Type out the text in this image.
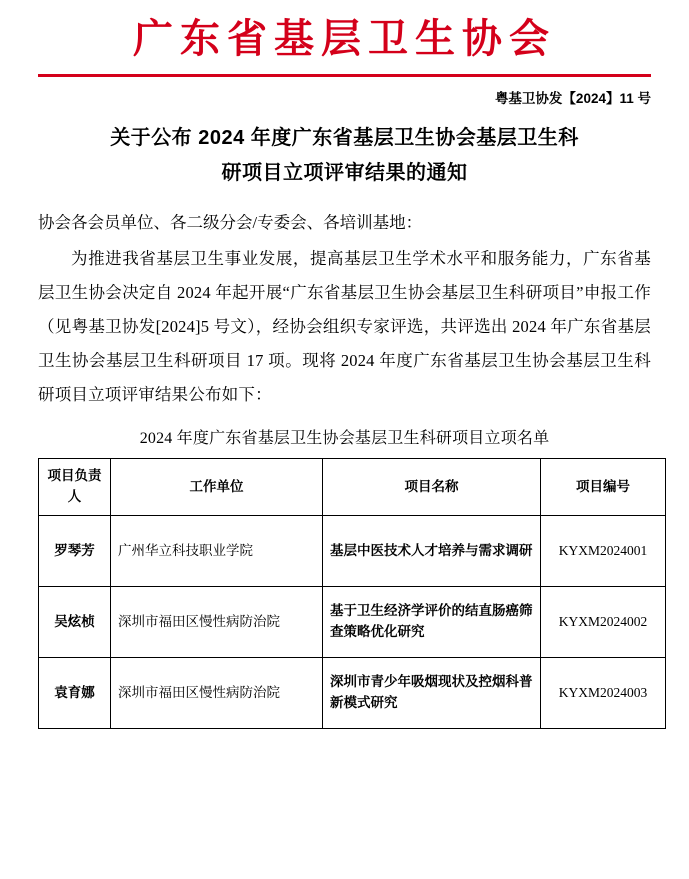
广东省基层卫生协会
粤基卫协发【2024】11 号
关于公布 2024 年度广东省基层卫生协会基层卫生科
研项目立项评审结果的通知
协会各会员单位、各二级分会/专委会、各培训基地：

为推进我省基层卫生事业发展，提高基层卫生学术水平和服务能力，广东省基层卫生协会决定自 2024 年起开展“广东省基层卫生协会基层卫生科研项目”申报工作（见粤基卫协发[2024]5 号文），经协会组织专家评选，共评选出 2024 年广东省基层卫生协会基层卫生科研项目 17 项。现将 2024 年度广东省基层卫生协会基层卫生科研项目立项评审结果公布如下：

2024 年度广东省基层卫生协会基层卫生科研项目立项名单
项目负责人	工作单位	项目名称	项目编号
罗琴芳	广州华立科技职业学院	基层中医技术人才培养与需求调研	KYXM2024001
吴炫桢	深圳市福田区慢性病防治院	基于卫生经济学评价的结直肠癌筛查策略优化研究	KYXM2024002
袁育娜	深圳市福田区慢性病防治院	深圳市青少年吸烟现状及控烟科普新模式研究	KYXM2024003
